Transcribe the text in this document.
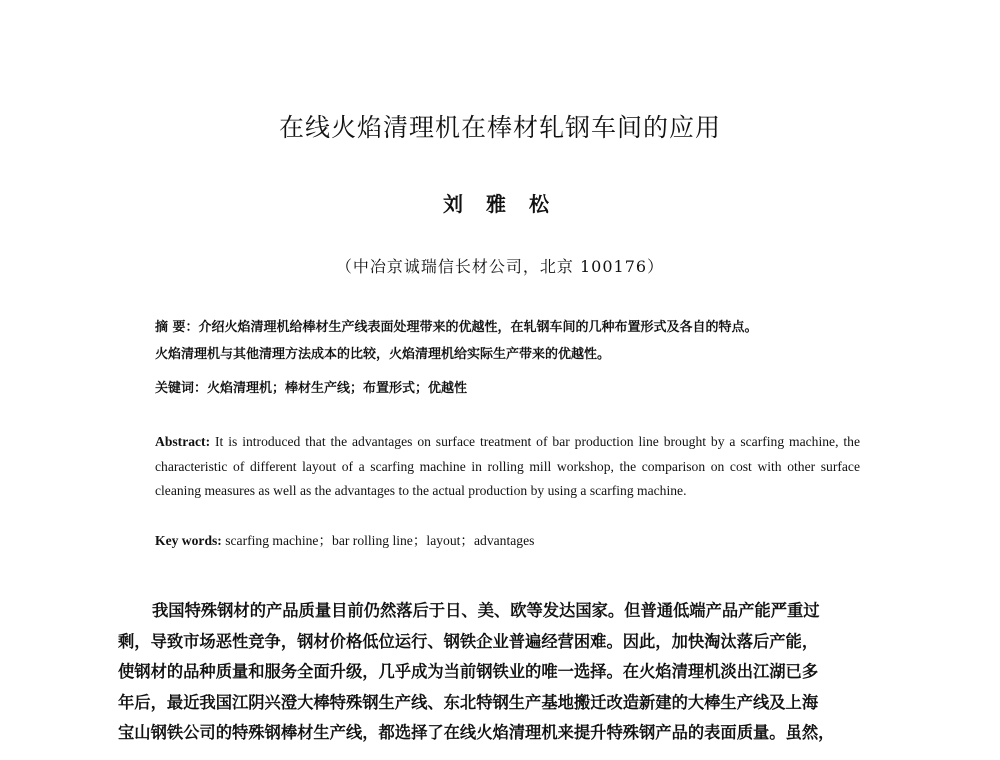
在线火焰清理机在棒材轧钢车间的应用
刘 雅 松
（中冶京诚瑞信长材公司，北京 100176）
摘 要：介绍火焰清理机给棒材生产线表面处理带来的优越性，在轧钢车间的几种布置形式及各自的特点。
火焰清理机与其他清理方法成本的比较，火焰清理机给实际生产带来的优越性。
关键词：火焰清理机；棒材生产线；布置形式；优越性
Abstract: It is introduced that the advantages on surface treatment of bar production line brought by a scarfing machine, the characteristic of different layout of a scarfing machine in rolling mill workshop, the comparison on cost with other surface cleaning measures as well as the advantages to the actual production by using a scarfing machine.
Key words: scarfing machine；bar rolling line；layout；advantages
我国特殊钢材的产品质量目前仍然落后于日、美、欧等发达国家。但普通低端产品产能严重过
剩，导致市场恶性竞争，钢材价格低位运行、钢铁企业普遍经营困难。因此，加快淘汰落后产能，
使钢材的品种质量和服务全面升级，几乎成为当前钢铁业的唯一选择。在火焰清理机淡出江湖已多
年后，最近我国江阴兴澄大棒特殊钢生产线、东北特钢生产基地搬迁改造新建的大棒生产线及上海
宝山钢铁公司的特殊钢棒材生产线，都选择了在线火焰清理机来提升特殊钢产品的表面质量。虽然，
